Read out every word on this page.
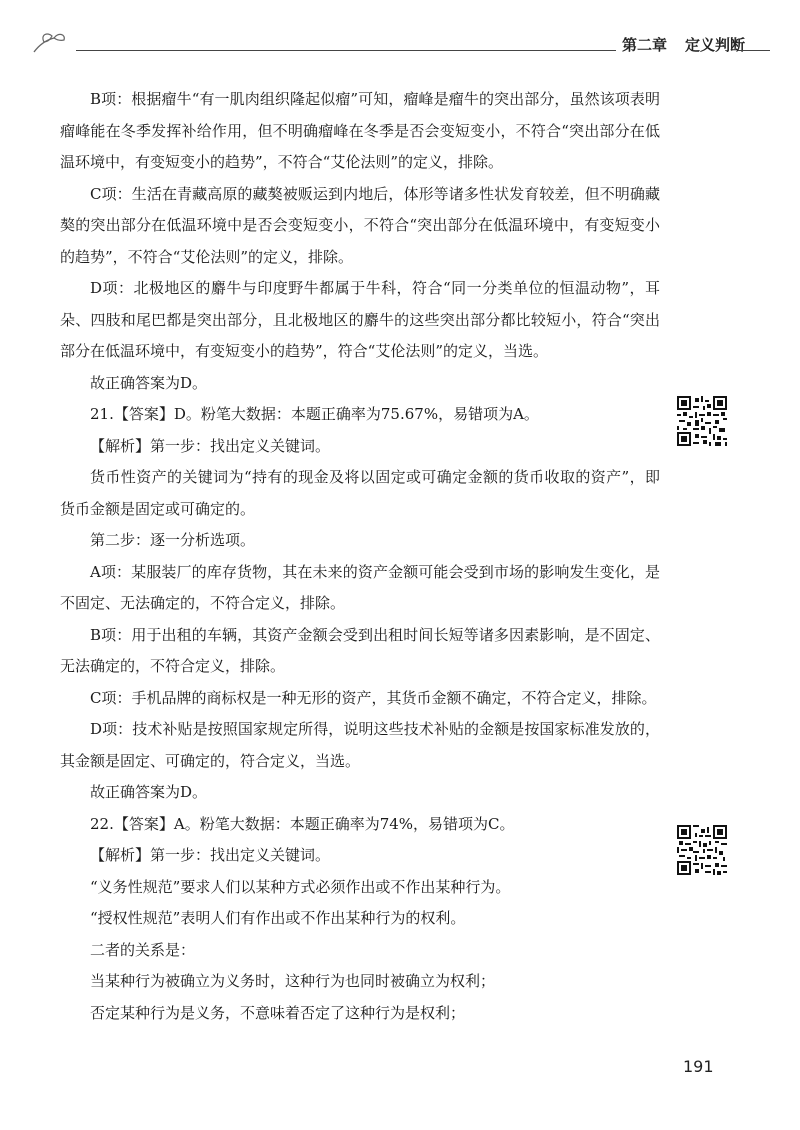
第二章 定义判断

B项：根据瘤牛“有一肌肉组织隆起似瘤”可知，瘤峰是瘤牛的突出部分，虽然该项表明瘤峰能在冬季发挥补给作用，但不明确瘤峰在冬季是否会变短变小，不符合“突出部分在低温环境中，有变短变小的趋势”，不符合“艾伦法则”的定义，排除。

C项：生活在青藏高原的藏獒被贩运到内地后，体形等诸多性状发育较差，但不明确藏獒的突出部分在低温环境中是否会变短变小，不符合“突出部分在低温环境中，有变短变小的趋势”，不符合“艾伦法则”的定义，排除。

D项：北极地区的麝牛与印度野牛都属于牛科，符合“同一分类单位的恒温动物”，耳朵、四肢和尾巴都是突出部分，且北极地区的麝牛的这些突出部分都比较短小，符合“突出部分在低温环境中，有变短变小的趋势”，符合“艾伦法则”的定义，当选。

故正确答案为D。

21.【答案】D。粉笔大数据：本题正确率为75.67%，易错项为A。

【解析】第一步：找出定义关键词。

货币性资产的关键词为“持有的现金及将以固定或可确定金额的货币收取的资产”，即货币金额是固定或可确定的。

第二步：逐一分析选项。

A项：某服装厂的库存货物，其在未来的资产金额可能会受到市场的影响发生变化，是不固定、无法确定的，不符合定义，排除。

B项：用于出租的车辆，其资产金额会受到出租时间长短等诸多因素影响，是不固定、无法确定的，不符合定义，排除。

C项：手机品牌的商标权是一种无形的资产，其货币金额不确定，不符合定义，排除。

D项：技术补贴是按照国家规定所得，说明这些技术补贴的金额是按国家标准发放的，其金额是固定、可确定的，符合定义，当选。

故正确答案为D。

22.【答案】A。粉笔大数据：本题正确率为74%，易错项为C。

【解析】第一步：找出定义关键词。

“义务性规范”要求人们以某种方式必须作出或不作出某种行为。

“授权性规范”表明人们有作出或不作出某种行为的权利。

二者的关系是：

当某种行为被确立为义务时，这种行为也同时被确立为权利；

否定某种行为是义务，不意味着否定了这种行为是权利；

191
